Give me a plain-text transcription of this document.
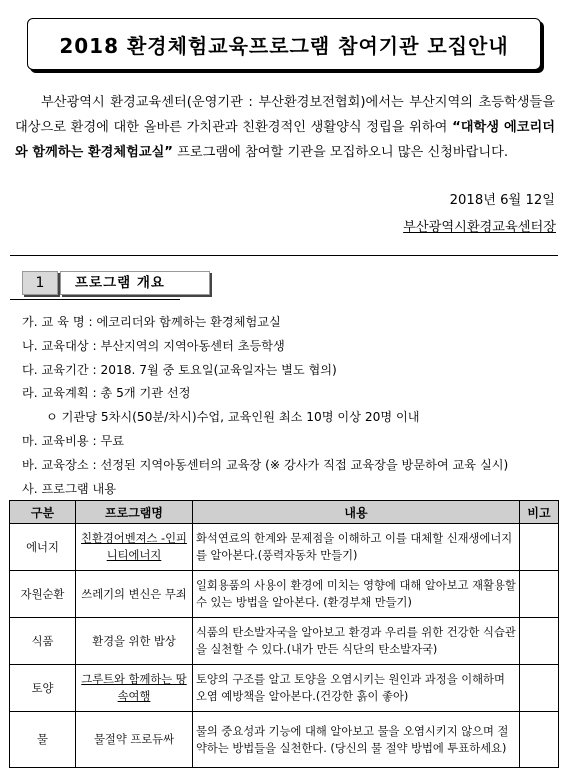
2018 환경체험교육프로그램 참여기관 모집안내
부산광역시 환경교육센터(운영기관 : 부산환경보전협회)에서는 부산지역의 초등학생들을 대상으로 환경에 대한 올바른 가치관과 친환경적인 생활양식 정립을 위하여 “대학생 에코리더와 함께하는 환경체험교실” 프로그램에 참여할 기관을 모집하오니 많은 신청바랍니다.
2018년 6월 12일
부산광역시환경교육센터장
1	프로그램 개요
가. 교 육 명 : 에코리더와 함께하는 환경체험교실
나. 교육대상 : 부산지역의 지역아동센터 초등학생
다. 교육기간 : 2018. 7월 중 토요일(교육일자는 별도 협의)
라. 교육계획 : 총 5개 기관 선정
ㅇ 기관당 5차시(50분/차시)수업, 교육인원 최소 10명 이상 20명 이내
마. 교육비용 : 무료
바. 교육장소 : 선정된 지역아동센터의 교육장 (※ 강사가 직접 교육장을 방문하여 교육 실시)
사. 프로그램 내용
구분	프로그램명	내용	비고
에너지	친환경어벤져스 -인피니티에너지	화석연료의 한계와 문제점을 이해하고 이를 대체할 신재생에너지를 알아본다.(풍력자동차 만들기)	
자원순환	쓰레기의 변신은 무죄	일회용품의 사용이 환경에 미치는 영향에 대해 알아보고 재활용할 수 있는 방법을 알아본다. (환경부채 만들기)	
식품	환경을 위한 밥상	식품의 탄소발자국을 알아보고 환경과 우리를 위한 건강한 식습관을 실천할 수 있다.(내가 만든 식단의 탄소발자국)	
토양	그루트와 함께하는 땅속여행	토양의 구조를 알고 토양을 오염시키는 원인과 과정을 이해하며 오염 예방책을 알아본다.(건강한 흙이 좋아)	
물	물절약 프로듀싸	물의 중요성과 기능에 대해 알아보고 물을 오염시키지 않으며 절약하는 방법들을 실천한다. (당신의 물 절약 방법에 투표하세요)	
